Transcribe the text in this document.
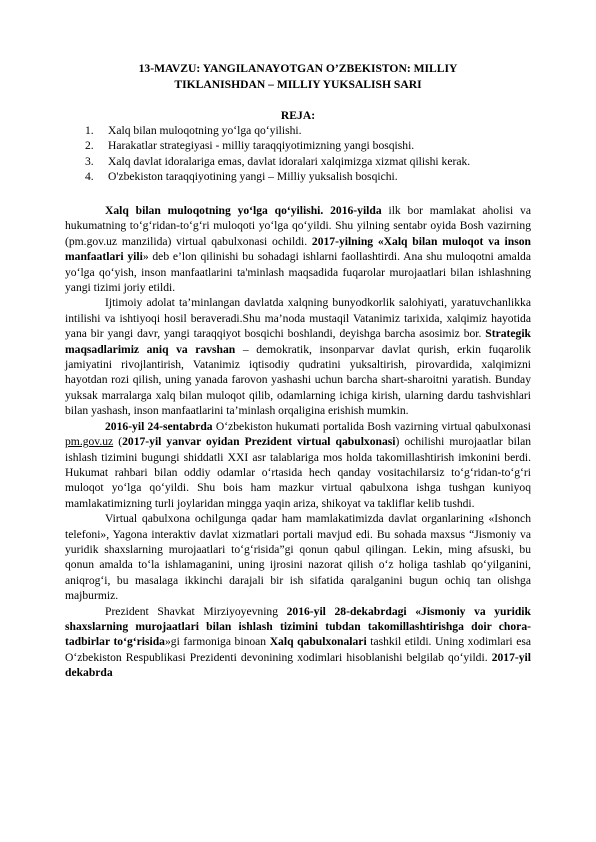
13-MAVZU: YANGILANAYOTGAN O’ZBEKISTON: MILLIY
TIKLANISHDAN – MILLIY YUKSALISH SARI
REJA:
1. Xalq bilan muloqotning yo‘lga qo‘yilishi.
2. Harakatlar strategiyasi - milliy taraqqiyotimizning yangi bosqishi.
3. Xalq davlat idoralariga emas, davlat idoralari xalqimizga xizmat qilishi kerak.
4. O'zbekiston taraqqiyotining yangi – Milliy yuksalish bosqichi.

Xalq bilan muloqotning yo‘lga qo‘yilishi. 2016-yilda ilk bor mamlakat aholisi va hukumatning to‘g‘ridan-to‘g‘ri muloqoti yo‘lga qo‘yildi. Shu yilning sentabr oyida Bosh vazirning (pm.gov.uz manzilida) virtual qabulxonasi ochildi. 2017-yilning «Xalq bilan muloqot va inson manfaatlari yili» deb e’lon qilinishi bu sohadagi ishlarni faollashtirdi. Ana shu muloqotni amalda yo‘lga qo‘yish, inson manfaatlarini ta'minlash maqsadida fuqarolar murojaatlari bilan ishlashning yangi tizimi joriy etildi.

Ijtimoiy adolat ta’minlangan davlatda xalqning bunyodkorlik salohiyati, yaratuvchanlikka intilishi va ishtiyoqi hosil beraveradi.Shu ma’noda mustaqil Vatanimiz tarixida, xalqimiz hayotida yana bir yangi davr, yangi taraqqiyot bosqichi boshlandi, deyishga barcha asosimiz bor. Strategik maqsadlarimiz aniq va ravshan – demokratik, insonparvar davlat qurish, erkin fuqarolik jamiyatini rivojlantirish, Vatanimiz iqtisodiy qudratini yuksaltirish, pirovardida, xalqimizni hayotdan rozi qilish, uning yanada farovon yashashi uchun barcha shart-sharoitni yaratish. Bunday yuksak marralarga xalq bilan muloqot qilib, odamlarning ichiga kirish, ularning dardu tashvishlari bilan yashash, inson manfaatlarini ta’minlash orqaligina erishish mumkin.

2016-yil 24-sentabrda O‘zbekiston hukumati portalida Bosh vazirning virtual qabulxonasi pm.gov.uz (2017-yil yanvar oyidan Prezident virtual qabulxonasi) ochilishi murojaatlar bilan ishlash tizimini bugungi shiddatli XXI asr talablariga mos holda takomillashtirish imkonini berdi. Hukumat rahbari bilan oddiy odamlar o‘rtasida hech qanday vositachilarsiz to‘g‘ridan-to‘g‘ri muloqot yo‘lga qo‘yildi. Shu bois ham mazkur virtual qabulxona ishga tushgan kuniyoq mamlakatimizning turli joylaridan mingga yaqin ariza, shikoyat va takliflar kelib tushdi.

Virtual qabulxona ochilgunga qadar ham mamlakatimizda davlat organlarining «Ishonch telefoni», Yagona interaktiv davlat xizmatlari portali mavjud edi. Bu sohada maxsus “Jismoniy va yuridik shaxslarning murojaatlari to‘g‘risida”gi qonun qabul qilingan. Lekin, ming afsuski, bu qonun amalda to‘la ishlamaganini, uning ijrosini nazorat qilish o‘z holiga tashlab qo‘yilganini, aniqrog‘i, bu masalaga ikkinchi darajali bir ish sifatida qaralganini bugun ochiq tan olishga majburmiz.

Prezident Shavkat Mirziyoyevning 2016-yil 28-dekabrdagi «Jismoniy va yuridik shaxslarning murojaatlari bilan ishlash tizimini tubdan takomillashtirishga doir chora-tadbirlar to‘g‘risida»gi farmoniga binoan Xalq qabulxonalari tashkil etildi. Uning xodimlari esa O‘zbekiston Respublikasi Prezidenti devonining xodimlari hisoblanishi belgilab qo‘yildi. 2017-yil dekabrda
